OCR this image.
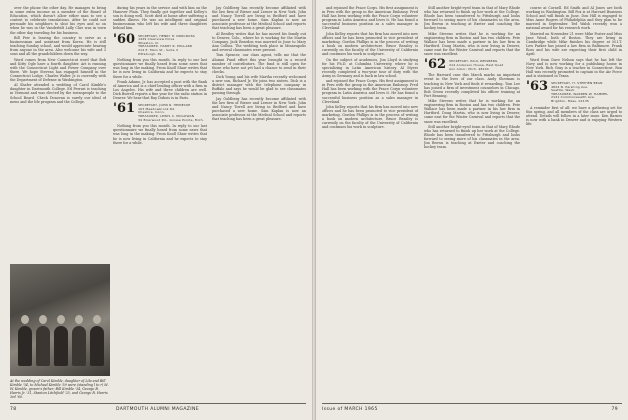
over the phone the other day. He manages to bring in some extra income as a member of the Board of Education, which doesn't allow either man to see a contest to celebrate translations. After he could not persuade his neighbors to shut his eyes and so on when he was in the Vanderbilt Lally Clue was in town the other day traveling for his business.

Bill Pew is leaving the country to serve as a businessman and assistant from Korea. He is still teaching Sunday school, and would appreciate hearing from anyone in the area. Also welcome his wife and 3 sons and all the grandchildren down the way.

Word comes from New Connecticut word that Bob and Kitty Ogle have a fourth daughter. Art is running with the Connecticut Light and Power Company over there. We hope Stevens has engaged himself in the Connecticut Lodge. Charles Walter Jr. is currently with the Department of Defense in Washington.

Al Shafer attended a wedding of Carol Kimble's daughter in Dartmouth College. Ed Ferrari is teaching in Vermont and was elected by the townspeople to the School Board. Check Donovan is surely our ideal of mens and the life program and the College.

At the wedding of Carol Kimble, daughter of Lila and Bill Kimble '34, to Michael Kimble '59 were (standing l to r) M. W. Kimble, groom's father; Bill Kimble '34, George B. Harris Jr. '31, Stanton Litchfield '25, and George R. Harris 3rd '60.

during his years in the service and with him on the Hanover Plain. They finally got together and Kelley's son is doing well. Scott died at home after suffering a sudden illness. He was an intelligent and original businessman who left his wife and three daughters behind him.

'60 SECRETARY, HENRY H. NORCROSS
1429 Clearview Drive
Wheaton, Ill.
TREASURER, HARRY R. POLLARD
214 E. Main St., Suite 4
Pittsburgh, Pa.

Nothing from you this month. In reply to our last questionnaire we finally heard from some news that was long in the making. From Knoll Shaw writes that he is now living in California and he expects to stay there for a while.

Frank Adams, Jr. has accepted a post with the Bank of America and is a chief lending officer with a firm in Los Angeles. His wife and three children are well. Dick Burrell reports a fine year for the radio station in Denver. We hear that Ray Dubois is in Paris.

'61 SECRETARY, JOHN R. HEINECKE
103 Meadowbrook Rd.
Cheshire, Conn.
TREASURER, LEWIS C. MCGOWAN
34 Briarwood Rd., Grosse Pointe, Mich.

Nothing from you this month. In reply to our last questionnaire we finally heard from some news that was long in the making. From Knoll Shaw writes that he is now living in California and he expects to stay there for a while.

Jay Goldberg has recently become affiliated with the law firm of Rieser and Lerner in New York. John and Nancy Tirrell are living in Bedford and have purchased a new home. Sam Kaplan is now an associate professor at the Medical School and reports that teaching has been a great pleasure.

Al Bentley writes that he has moved his family out to Denver, Colo., where he is working for the Martin Company. Jack Reardon was married in June to Mary Ann Collins. The wedding took place in Minneapolis and several classmates were present.

Tom Spencer, our class agent, tells me that the Alumni Fund effort this year brought in a record number of contributors. The fund is still open for those who have not yet had a chance to send in their checks.

Dick Young and his wife Martha recently welcomed a new son, Richard Jr. He joins two sisters. Dick is a district manager with the telephone company in Buffalo and says he would be glad to see classmates passing through.

Jay Goldberg has recently become affiliated with the law firm of Rieser and Lerner in New York. John and Nancy Tirrell are living in Bedford and have purchased a new home. Sam Kaplan is now an associate professor at the Medical School and reports that teaching has been a great pleasure.

78	DARTMOUTH ALUMNI MAGAZINE

and rejoined the Peace Corps. His first assignment is in Peru with the group in the American Embassy. Fred Hall has been working with the Peace Corps volunteer program in Latin America and loves it. He has found a successful business position as a sales manager in Cleveland.

John Kelley reports that his firm has moved into new offices and he has been promoted to vice president of marketing. Gordon Phillips is in the process of writing a book on modern architecture. Bruce Beasley is currently on the faculty of the University of California and continues his work in sculpture.

On the subject of academics, Jim Lloyd is studying for his Ph.D. at Columbia University, where he is specializing in Latin American history. Al Myers recently completed a two-year tour of duty with the Army in Germany and is back in law school.

and rejoined the Peace Corps. His first assignment is in Peru with the group in the American Embassy. Fred Hall has been working with the Peace Corps volunteer program in Latin America and loves it. He has found a successful business position as a sales manager in Cleveland.

John Kelley reports that his firm has moved into new offices and he has been promoted to vice president of marketing. Gordon Phillips is in the process of writing a book on modern architecture. Bruce Beasley is currently on the faculty of the University of California and continues his work in sculpture.

Still another bright-eyed team in that of Mary Rhode who has returned to finish up her work at the College. Rhode has been transferred to Pittsburgh and looks forward to seeing more of his classmates in the area. Jim Brown is teaching at Exeter and coaching the hockey team.

Mike Stevens writes that he is working for an engineering firm in Boston and has two children. Pete Wallace has been made a partner in his law firm in Hartford. Doug Martin, who is now living in Denver, came east for the Winter Carnival and reports that the snow was excellent.

'62 SECRETARY, PAUL WEISBERG
214 Anderson House, East Quad
Ann Arbor, Mich. 48104

The Harvard case this March marks an important event in the lives of our class. Andy Sherman is teaching in New York and finds it rewarding. Tom Lee has joined a firm of investment counselors in Chicago. Bob Green recently completed his officer training at Fort Benning.

Mike Stevens writes that he is working for an engineering firm in Boston and has two children. Pete Wallace has been made a partner in his law firm in Hartford. Doug Martin, who is now living in Denver, came east for the Winter Carnival and reports that the snow was excellent.

Still another bright-eyed team in that of Mary Rhode who has returned to finish up her work at the College. Rhode has been transferred to Pittsburgh and looks forward to seeing more of his classmates in the area. Jim Brown is teaching at Exeter and coaching the hockey team.

course at Cornell. Ed Smith and Al Jones are both working in Washington. Bill Fox is at Harvard Business School and will finish in June. Don Hill is engaged to Miss Anne Rogers of Philadelphia and they plan to be married in September. Ted Walsh recently won a national award for his research work.

Married on November 21 were Mike Foster and Miss Jane Wood, both of Boston. They are living in Cambridge while Mike finishes his degree at M.I.T. Lew Parker has joined a law firm in Baltimore. Frank Ross and his wife are expecting their first child in April.

Word from Dave Nelson says that he has left the Navy and is now working for a publishing house in New York. Rich Gray is a teacher in Connecticut. Ron Hall was recently promoted to captain in the Air Force and is stationed in Texas.

'63 SECRETARY, H. STEPHEN BEAN
4824 N. Pershing Ave.
Seattle, Wash.
TREASURER, WARREN W. HAMMEL
2141 Commonwealth Ave.
Brighton, Mass. 02135

A reminder first of all: we have a gathering set for this spring, and all members of the class are urged to attend. Details will follow in a later issue. Ken Barnes is now with a bank in Denver and is enjoying Western life.

Issue of MARCH 1965	79
